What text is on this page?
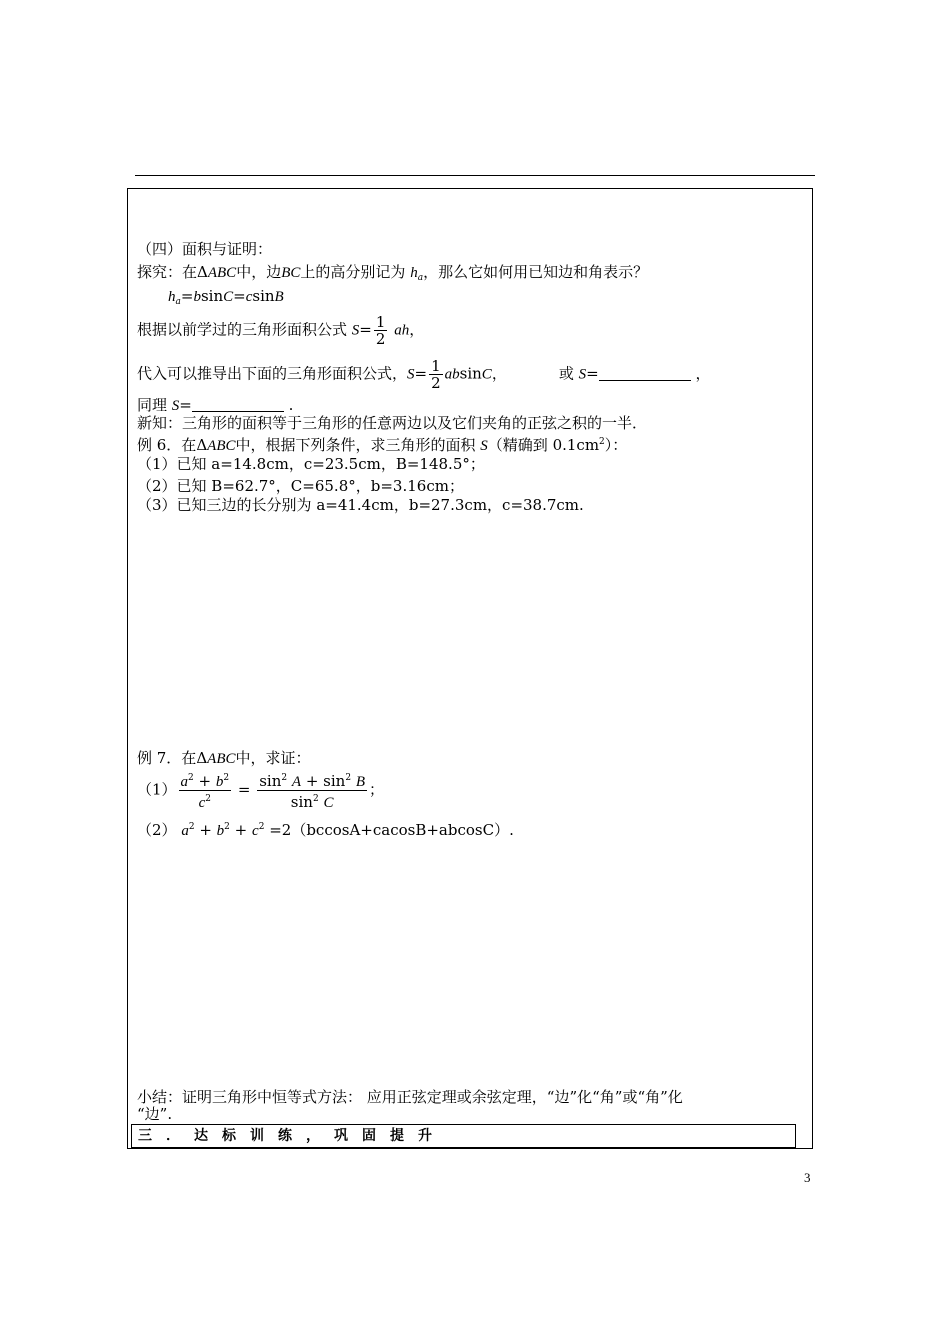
（四）面积与证明：
探究：在ΔABC中，边BC上的高分别记为 $h_a$，那么它如何用已知边和角表示？
$h_a=bsinC=csinB$
根据以前学过的三角形面积公式 $S= \frac{1}{2}$ ah，
代入可以推导出下面的三角形面积公式，$S= \frac{1}{2}$ absinC，	或 S=	，
同理 S=	.
新知：三角形的面积等于三角形的任意两边以及它们夹角的正弦之积的一半．
例 6．在ΔABC中，根据下列条件，求三角形的面积 S（精确到 $0.1cm^2$）：
（1）已知 a=14.8cm，c=23.5cm，B=148.5°；
（2）已知 B=62.7°，C=65.8°，b=3.16cm；
（3）已知三边的长分别为 a=41.4cm，b=27.3cm，c=38.7cm.
例 7．在ΔABC中，求证：
$(1) \frac{a^2 + b^2}{c^2} = \frac{\sin^2 A + \sin^2 B}{\sin^2 C}$ ；
（2） $a^2 + b^2 + c^2 =2(bccosA+cacosB+abcosC)$.
小结：证明三角形中恒等式方法： 应用正弦定理或余弦定理，“边”化“角”或“角”化
“边”.
三．达标训练，巩固提升
3
